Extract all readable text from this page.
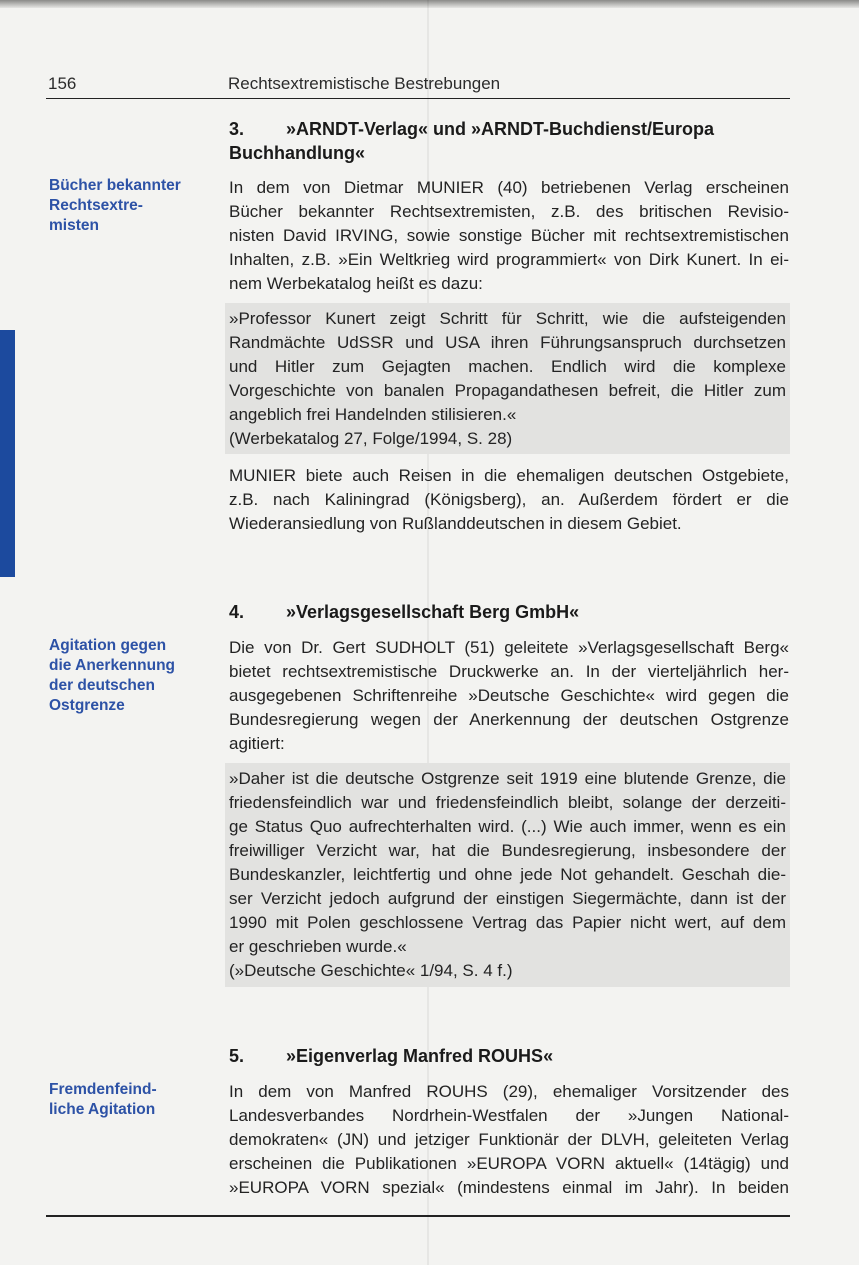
156	Rechtsextremistische Bestrebungen
Bücher bekannter
Rechtsextre-
misten
Agitation gegen
die Anerkennung
der deutschen
Ostgrenze
Fremdenfeind-
liche Agitation
3.	»ARNDT-Verlag« und »ARNDT-Buchdienst/Europa Buchhandlung«
In dem von Dietmar MUNIER (40) betriebenen Verlag erscheinen
Bücher bekannter Rechtsextremisten, z.B. des britischen Revisio-
nisten David IRVING, sowie sonstige Bücher mit rechtsextremistischen
Inhalten, z.B. »Ein Weltkrieg wird programmiert« von Dirk Kunert. In ei-
nem Werbekatalog heißt es dazu:
»Professor Kunert zeigt Schritt für Schritt, wie die aufsteigenden
Randmächte UdSSR und USA ihren Führungsanspruch durchsetzen
und Hitler zum Gejagten machen. Endlich wird die komplexe
Vorgeschichte von banalen Propagandathesen befreit, die Hitler zum
angeblich frei Handelnden stilisieren.«
(Werbekatalog 27, Folge/1994, S. 28)
MUNIER biete auch Reisen in die ehemaligen deutschen Ostgebiete,
z.B. nach Kaliningrad (Königsberg), an. Außerdem fördert er die
Wiederansiedlung von Rußlanddeutschen in diesem Gebiet.
4. »Verlagsgesellschaft Berg GmbH«
Die von Dr. Gert SUDHOLT (51) geleitete »Verlagsgesellschaft Berg«
bietet rechtsextremistische Druckwerke an. In der vierteljährlich her-
ausgegebenen Schriftenreihe »Deutsche Geschichte« wird gegen die
Bundesregierung wegen der Anerkennung der deutschen Ostgrenze
agitiert:
»Daher ist die deutsche Ostgrenze seit 1919 eine blutende Grenze, die
friedensfeindlich war und friedensfeindlich bleibt, solange der derzeiti-
ge Status Quo aufrechterhalten wird. (...) Wie auch immer, wenn es ein
freiwilliger Verzicht war, hat die Bundesregierung, insbesondere der
Bundeskanzler, leichtfertig und ohne jede Not gehandelt. Geschah die-
ser Verzicht jedoch aufgrund der einstigen Siegermächte, dann ist der
1990 mit Polen geschlossene Vertrag das Papier nicht wert, auf dem
er geschrieben wurde.«
(»Deutsche Geschichte« 1/94, S. 4 f.)
5. »Eigenverlag Manfred ROUHS«
In dem von Manfred ROUHS (29), ehemaliger Vorsitzender des
Landesverbandes Nordrhein-Westfalen der »Jungen National-
demokraten« (JN) und jetziger Funktionär der DLVH, geleiteten Verlag
erscheinen die Publikationen »EUROPA VORN aktuell« (14tägig) und
»EUROPA VORN spezial« (mindestens einmal im Jahr). In beiden
